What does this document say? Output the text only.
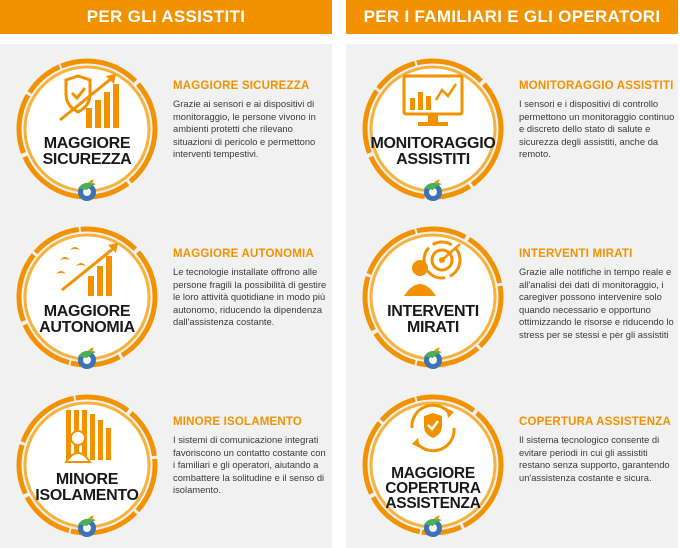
PER GLI ASSISTITI
MAGGIORE
SICUREZZA
MAGGIORE SICUREZZA

Grazie ai sensori e ai dispositivi di monitoraggio, le persone vivono in ambienti protetti che rilevano situazioni di pericolo e permettono interventi tempestivi.

MAGGIORE
AUTONOMIA
MAGGIORE AUTONOMIA

Le tecnologie installate offrono alle persone fragili la possibilità di gestire le loro attività quotidiane in modo più autonomo, riducendo la dipendenza dall'assistenza costante.

MINORE
ISOLAMENTO
MINORE ISOLAMENTO

I sistemi di comunicazione integrati favoriscono un contatto costante con i familiari e gli operatori, aiutando a combattere la solitudine e il senso di isolamento.

PER I FAMILIARI E GLI OPERATORI
MONITORAGGIO
ASSISTITI
MONITORAGGIO ASSISTITI

I sensori e i dispositivi di controllo permettono un monitoraggio continuo e discreto dello stato di salute e sicurezza degli assistiti, anche da remoto.

INTERVENTI
MIRATI
INTERVENTI MIRATI

Grazie alle notifiche in tempo reale e all'analisi dei dati di monitoraggio, i caregiver possono intervenire solo quando necessario e opportuno ottimizzando le risorse e riducendo lo stress per se stessi e per gli assistiti

MAGGIORE
COPERTURA
ASSISTENZA
COPERTURA ASSISTENZA

Il sistema tecnologico consente di evitare periodi in cui gli assistiti restano senza supporto, garantendo un'assistenza costante e sicura.
